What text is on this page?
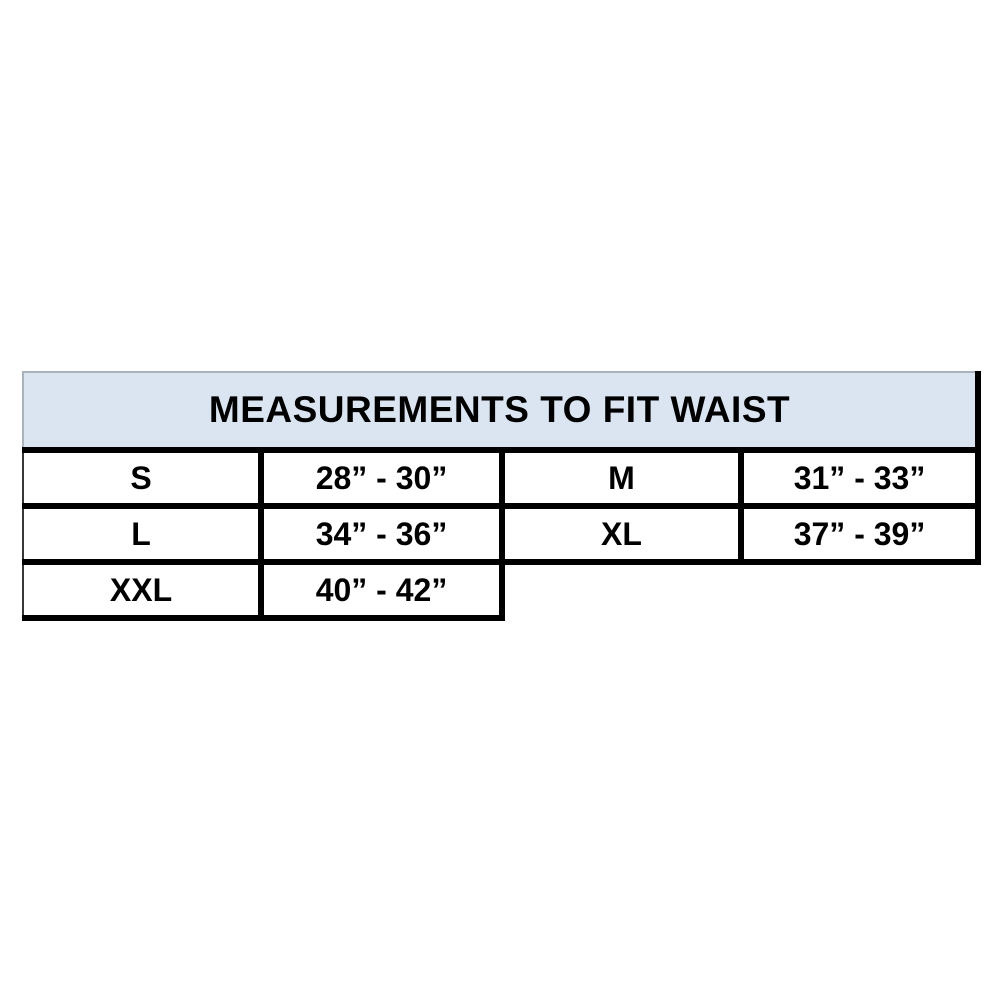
MEASUREMENTS TO FIT WAIST			
S	28” - 30”	M	31” - 33”
L	34” - 36”	XL	37” - 39”
XXL	40” - 42”		
